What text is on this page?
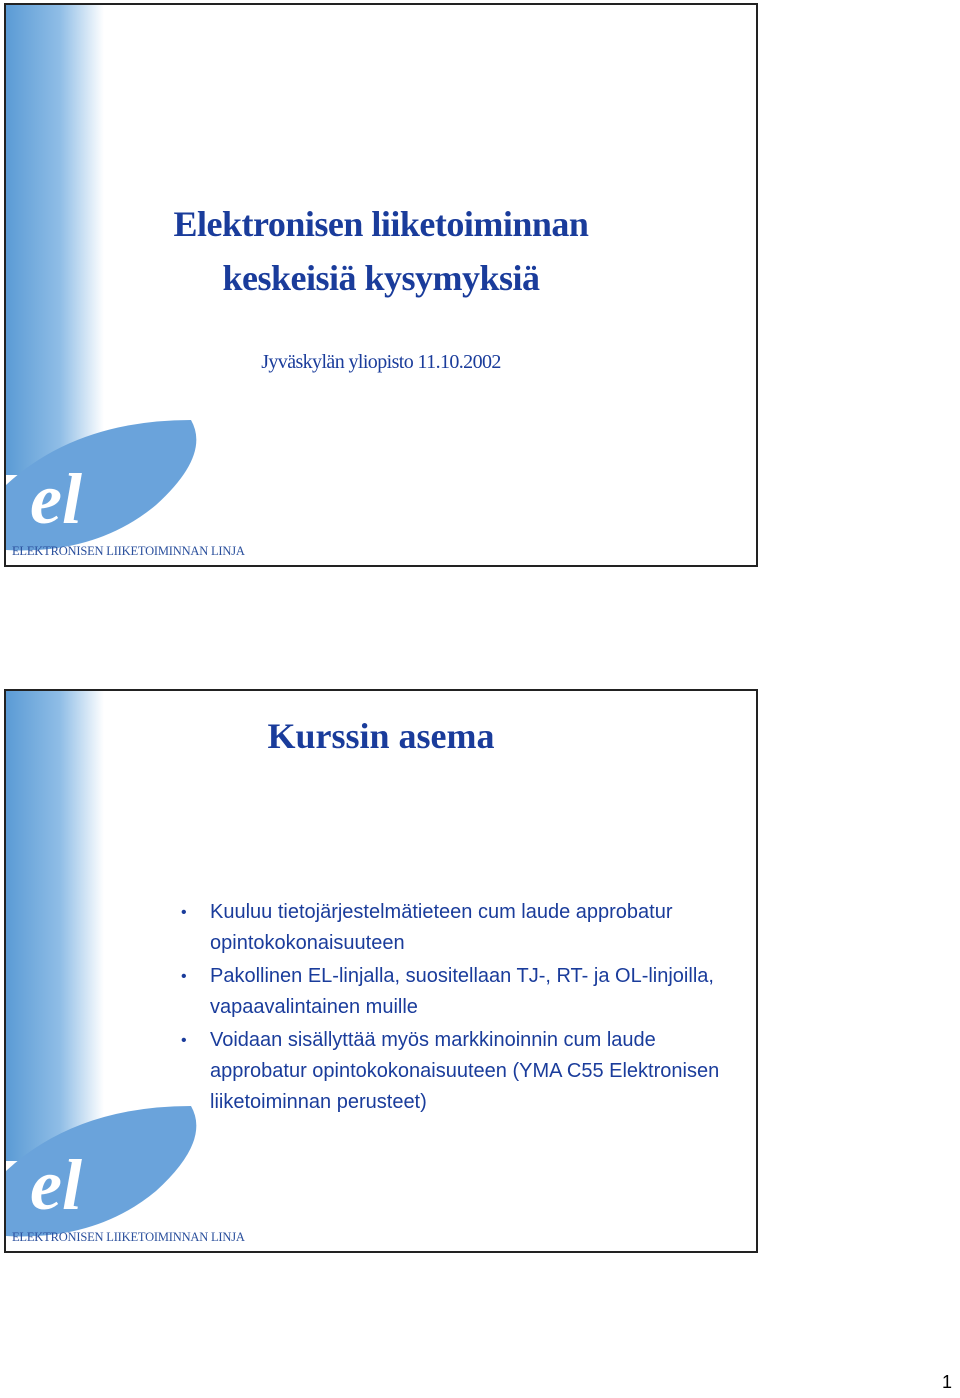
el
ELEKTRONISEN LIIKETOIMINNAN LINJA
Elektronisen liiketoiminnan
keskeisiä kysymyksiä
Jyväskylän yliopisto 11.10.2002
el
ELEKTRONISEN LIIKETOIMINNAN LINJA
Kurssin asema
• Kuuluu tietojärjestelmätieteen cum laude approbatur opintokokonaisuuteen
• Pakollinen EL-linjalla, suositellaan TJ-, RT- ja OL-linjoilla, vapaavalintainen muille
• Voidaan sisällyttää myös markkinoinnin cum laude approbatur opintokokonaisuuteen (YMA C55 Elektronisen liiketoiminnan perusteet)
1
